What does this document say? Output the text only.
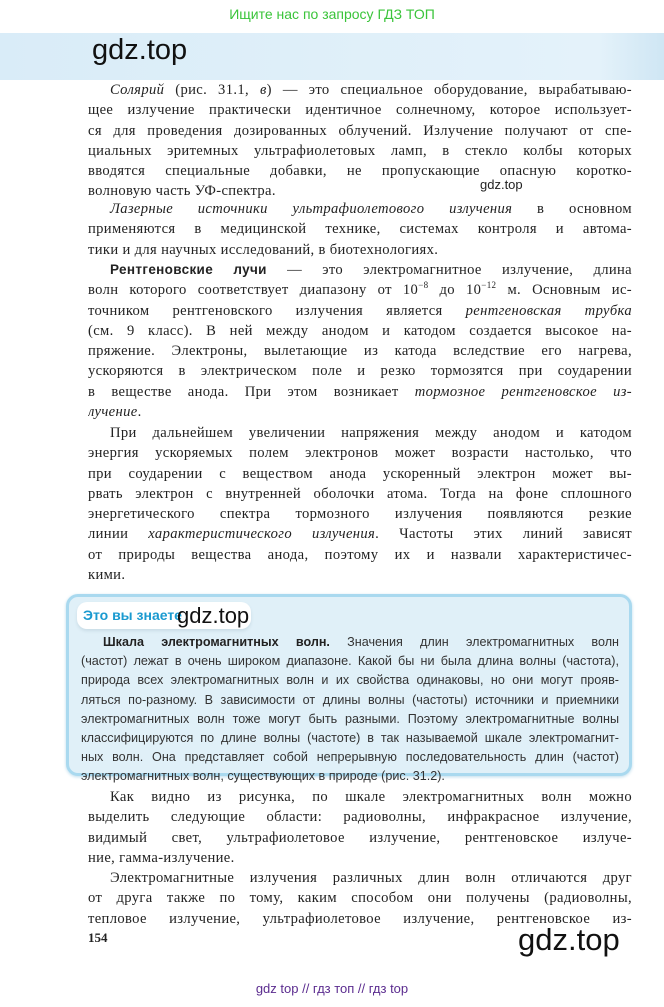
Ищите нас по запросу ГДЗ ТОП
gdz.top
Солярий (рис. 31.1, в) — это специальное оборудование, вырабатываю-
щее излучение практически идентичное солнечному, которое использует-
ся для проведения дозированных облучений. Излучение получают от спе-
циальных эритемных ультрафиолетовых ламп, в стекло колбы которых
вводятся специальные добавки, не пропускающие опасную коротко-
волновую часть УФ-спектра.	gdz.top
Лазерные источники ультрафиолетового излучения в основном
применяются в медицинской технике, системах контроля и автома-
тики и для научных исследований, в биотехнологиях.
Рентгеновские лучи — это электромагнитное излучение, длина
волн которого соответствует диапазону от $10^{-8}$ до $10^{-12}$ м. Основным ис-
точником рентгеновского излучения является рентгеновская трубка
(см. 9 класс). В ней между анодом и катодом создается высокое на-
пряжение. Электроны, вылетающие из катода вследствие его нагрева,
ускоряются в электрическом поле и резко тормозятся при соударении
в веществе анода. При этом возникает тормозное рентгеновское из-
лучение.
При дальнейшем увеличении напряжения между анодом и катодом
энергия ускоряемых полем электронов может возрасти настолько, что
при соударении с веществом анода ускоренный электрон может вы-
рвать электрон с внутренней оболочки атома. Тогда на фоне сплошного
энергетического спектра тормозного излучения появляются резкие
линии характеристического излучения. Частоты этих линий зависят
от природы вещества анода, поэтому их и назвали характеристичес-
кими.
Это вы знаете
gdz.top
Шкала электромагнитных волн. Значения длин электромагнитных волн
(частот) лежат в очень широком диапазоне. Какой бы ни была длина волны (частота),
природа всех электромагнитных волн и их свойства одинаковы, но они могут прояв-
ляться по-разному. В зависимости от длины волны (частоты) источники и приемники
электромагнитных волн тоже могут быть разными. Поэтому электромагнитные волны
классифицируются по длине волны (частоте) в так называемой шкале электромагнит-
ных волн. Она представляет собой непрерывную последовательность длин (частот)
электромагнитных волн, существующих в природе (рис. 31.2).
Как видно из рисунка, по шкале электромагнитных волн можно
выделить следующие области: радиоволны, инфракрасное излучение,
видимый свет, ультрафиолетовое излучение, рентгеновское излуче-
ние, гамма-излучение.
Электромагнитные излучения различных длин волн отличаются друг
от друга также по тому, каким способом они получены (радиоволны,
тепловое излучение, ультрафиолетовое излучение, рентгеновское из-
154	gdz.top
gdz top // гдз топ // гдз top
